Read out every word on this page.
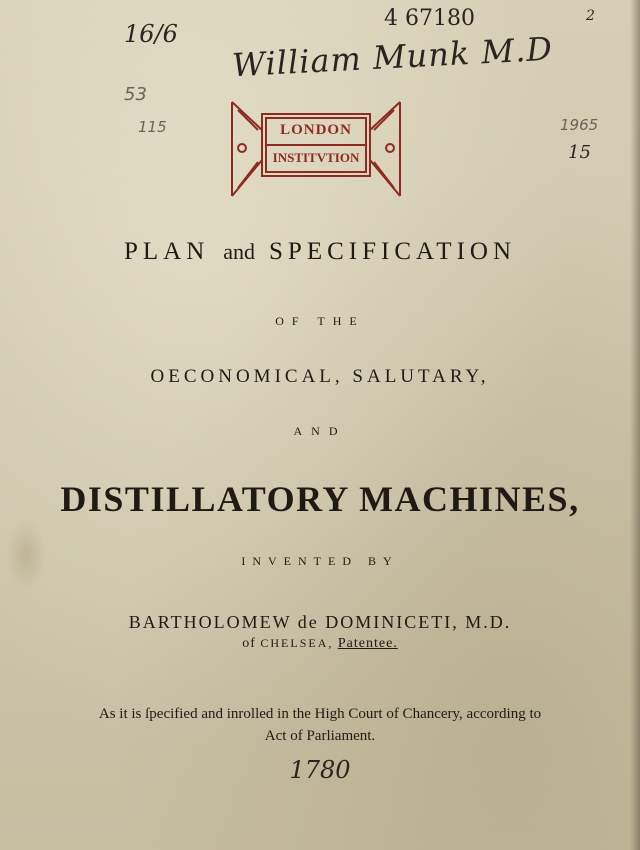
16/6
4 67180	2
William Munk M.D
53
115	1965
15
LONDON
INSTITVTION
PLAN and SPECIFICATION
OF THE
OECONOMICAL, SALUTARY,
AND
DISTILLATORY MACHINES,
INVENTED BY
BARTHOLOMEW de DOMINICETI, M.D.
of CHELSEA, Patentee.
As it is ſpecified and inrolled in the High Court of Chancery, according to
Act of Parliament.
1780
